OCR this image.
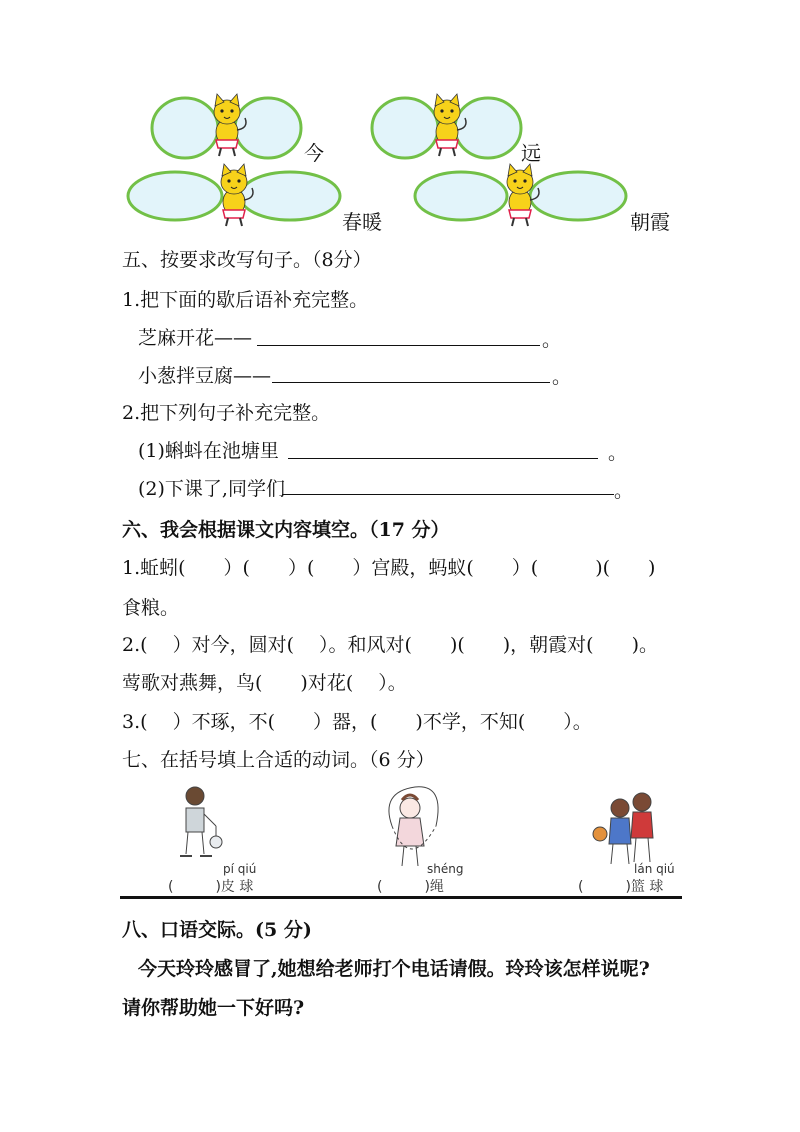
今	远
春暖	朝霞
五、按要求改写句子。（8分）
1.把下面的歇后语补充完整。
芝麻开花——	。
小葱拌豆腐——	。
2.把下列句子补充完整。
(1)蝌蚪在池塘里	。
(2)下课了,同学们	。
六、我会根据课文内容填空。（17 分）
1.蚯蚓(　　）(　　）(　　）宫殿，蚂蚁(　　）(　　　)(　　)
食粮。
2.(　 ）对今，圆对(　 ）。和风对(　　)(　　)，朝霞对(　　)。
莺歌对燕舞，鸟(　　)对花(　 ）。
3.(　 ）不琢，不(　　）器，(　　)不学，不知(　　）。
七、在括号填上合适的动词。（6 分）
pí qiú	shéng	lán qiú
(　　　)皮 球	(　　　)绳	(　　　)篮 球
八、口语交际。(5 分)
今天玲玲感冒了,她想给老师打个电话请假。玲玲该怎样说呢?
请你帮助她一下好吗?
